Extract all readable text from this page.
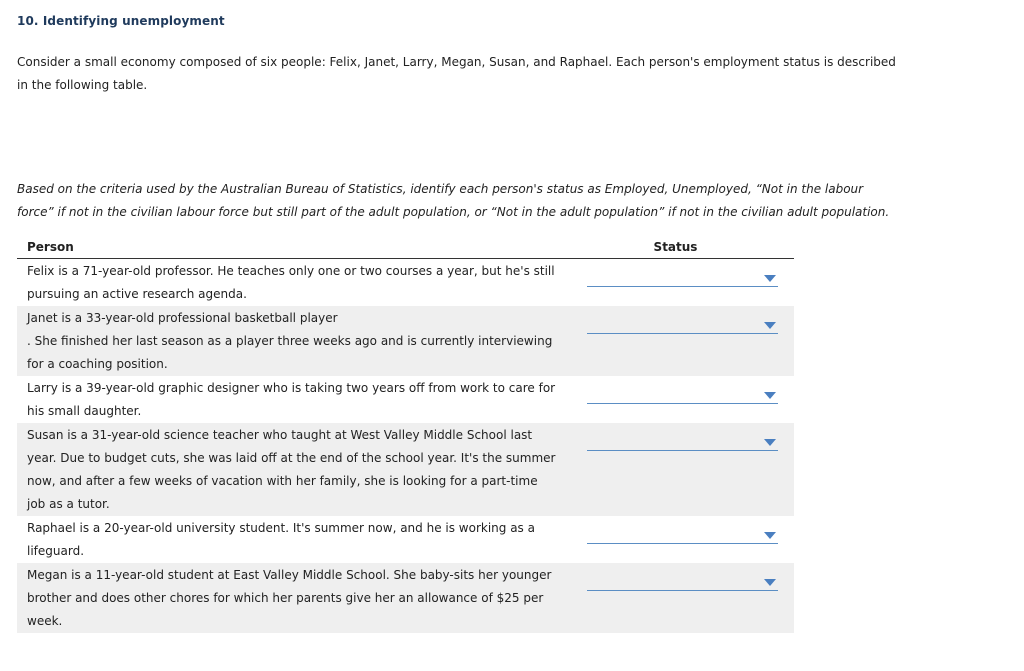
10. Identifying unemployment
Consider a small economy composed of six people: Felix, Janet, Larry, Megan, Susan, and Raphael. Each person's employment status is described in the following table.
Based on the criteria used by the Australian Bureau of Statistics, identify each person's status as Employed, Unemployed, “Not in the labour force” if not in the civilian labour force but still part of the adult population, or “Not in the adult population” if not in the civilian adult population.
Person	Status
Felix is a 71-year-old professor. He teaches only one or two courses a year, but he's still pursuing an active research agenda.	

Janet is a 33-year-old professional basketball player
. She finished her last season as a player three weeks ago and is currently interviewing for a coaching position.	

Larry is a 39-year-old graphic designer who is taking two years off from work to care for his small daughter.	

Susan is a 31-year-old science teacher who taught at West Valley Middle School last year. Due to budget cuts, she was laid off at the end of the school year. It's the summer now, and after a few weeks of vacation with her family, she is looking for a part-time job as a tutor.	

Raphael is a 20-year-old university student. It's summer now, and he is working as a lifeguard.	

Megan is a 11-year-old student at East Valley Middle School. She baby-sits her younger brother and does other chores for which her parents give her an allowance of $25 per week.	
